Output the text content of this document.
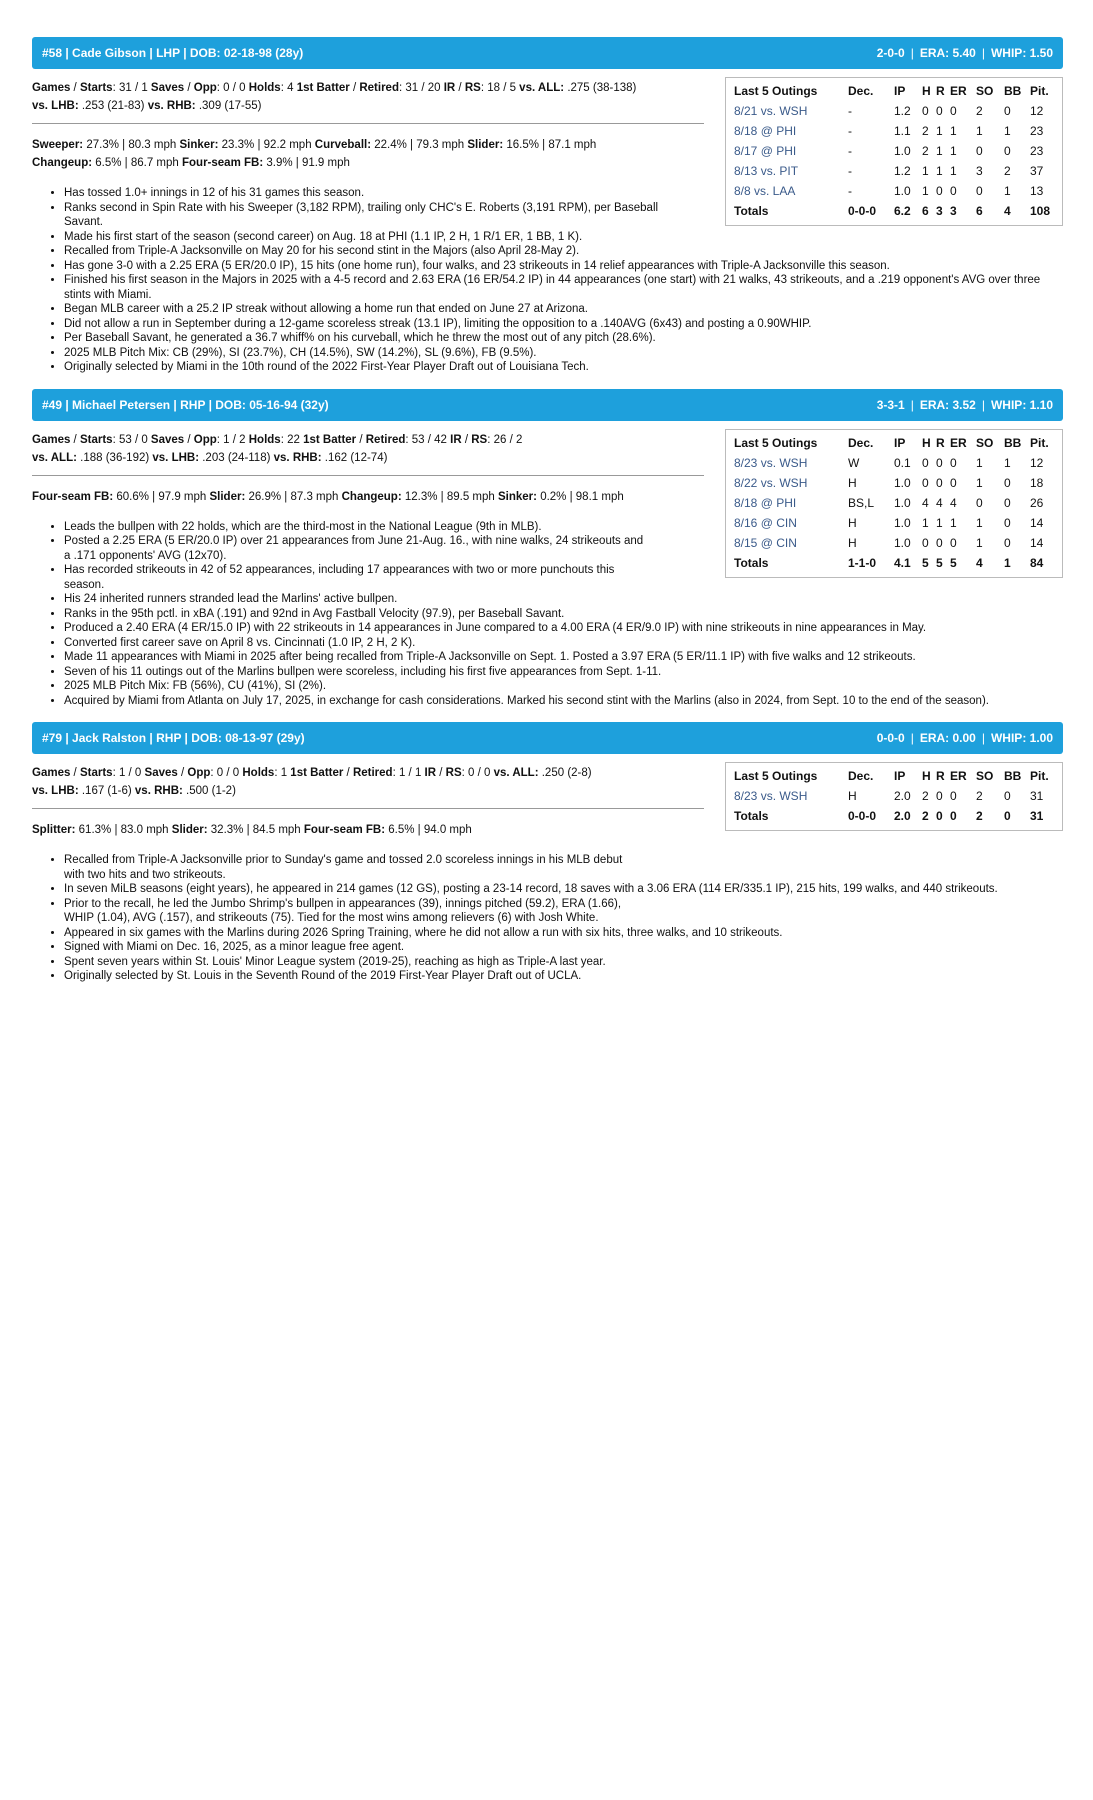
#58 | Cade Gibson | LHP | DOB: 02-18-98 (28y)	2-0-0 | ERA: 5.40 | WHIP: 1.50
Games / Starts: 31 / 1 Saves / Opp: 0 / 0 Holds: 4 1st Batter / Retired: 31 / 20 IR / RS: 18 / 5 vs. ALL: .275 (38-138)
vs. LHB: .253 (21-83) vs. RHB: .309 (17-55)
Sweeper: 27.3% | 80.3 mph Sinker: 23.3% | 92.2 mph Curveball: 22.4% | 79.3 mph Slider: 16.5% | 87.1 mph
Changeup: 6.5% | 86.7 mph Four-seam FB: 3.9% | 91.9 mph
Last 5 Outings	Dec.	IP	H	R	ER	SO	BB	Pit.
8/21 vs. WSH	-	1.2	0	0	0	2	0	12
8/18 @ PHI	-	1.1	2	1	1	1	1	23
8/17 @ PHI	-	1.0	2	1	1	0	0	23
8/13 vs. PIT	-	1.2	1	1	1	3	2	37
8/8 vs. LAA	-	1.0	1	0	0	0	1	13
Totals	0-0-0	6.2	6	3	3	6	4	108
• Has tossed 1.0+ innings in 12 of his 31 games this season.
• Ranks second in Spin Rate with his Sweeper (3,182 RPM), trailing only CHC's E. Roberts (3,191 RPM), per Baseball Savant.
• Made his first start of the season (second career) on Aug. 18 at PHI (1.1 IP, 2 H, 1 R/1 ER, 1 BB, 1 K).
• Recalled from Triple-A Jacksonville on May 20 for his second stint in the Majors (also April 28-May 2).
• Has gone 3-0 with a 2.25 ERA (5 ER/20.0 IP), 15 hits (one home run), four walks, and 23 strikeouts in 14 relief appearances with Triple-A Jacksonville this season.
• Finished his first season in the Majors in 2025 with a 4-5 record and 2.63 ERA (16 ER/54.2 IP) in 44 appearances (one start) with 21 walks, 43 strikeouts, and a .219 opponent's AVG over three stints with Miami.
• Began MLB career with a 25.2 IP streak without allowing a home run that ended on June 27 at Arizona.
• Did not allow a run in September during a 12-game scoreless streak (13.1 IP), limiting the opposition to a .140AVG (6x43) and posting a 0.90WHIP.
• Per Baseball Savant, he generated a 36.7 whiff% on his curveball, which he threw the most out of any pitch (28.6%).
• 2025 MLB Pitch Mix: CB (29%), SI (23.7%), CH (14.5%), SW (14.2%), SL (9.6%), FB (9.5%).
• Originally selected by Miami in the 10th round of the 2022 First-Year Player Draft out of Louisiana Tech.
#49 | Michael Petersen | RHP | DOB: 05-16-94 (32y)	3-3-1 | ERA: 3.52 | WHIP: 1.10
Games / Starts: 53 / 0 Saves / Opp: 1 / 2 Holds: 22 1st Batter / Retired: 53 / 42 IR / RS: 26 / 2
vs. ALL: .188 (36-192) vs. LHB: .203 (24-118) vs. RHB: .162 (12-74)
Four-seam FB: 60.6% | 97.9 mph Slider: 26.9% | 87.3 mph Changeup: 12.3% | 89.5 mph Sinker: 0.2% | 98.1 mph
Last 5 Outings	Dec.	IP	H	R	ER	SO	BB	Pit.
8/23 vs. WSH	W	0.1	0	0	0	1	1	12
8/22 vs. WSH	H	1.0	0	0	0	1	0	18
8/18 @ PHI	BS,L	1.0	4	4	4	0	0	26
8/16 @ CIN	H	1.0	1	1	1	1	0	14
8/15 @ CIN	H	1.0	0	0	0	1	0	14
Totals	1-1-0	4.1	5	5	5	4	1	84
• Leads the bullpen with 22 holds, which are the third-most in the National League (9th in MLB).
• Posted a 2.25 ERA (5 ER/20.0 IP) over 21 appearances from June 21-Aug. 16., with nine walks, 24 strikeouts and a .171 opponents' AVG (12x70).
• Has recorded strikeouts in 42 of 52 appearances, including 17 appearances with two or more punchouts this season.
• His 24 inherited runners stranded lead the Marlins' active bullpen.
• Ranks in the 95th pctl. in xBA (.191) and 92nd in Avg Fastball Velocity (97.9), per Baseball Savant.
• Produced a 2.40 ERA (4 ER/15.0 IP) with 22 strikeouts in 14 appearances in June compared to a 4.00 ERA (4 ER/9.0 IP) with nine strikeouts in nine appearances in May.
• Converted first career save on April 8 vs. Cincinnati (1.0 IP, 2 H, 2 K).
• Made 11 appearances with Miami in 2025 after being recalled from Triple-A Jacksonville on Sept. 1. Posted a 3.97 ERA (5 ER/11.1 IP) with five walks and 12 strikeouts.
• Seven of his 11 outings out of the Marlins bullpen were scoreless, including his first five appearances from Sept. 1-11.
• 2025 MLB Pitch Mix: FB (56%), CU (41%), SI (2%).
• Acquired by Miami from Atlanta on July 17, 2025, in exchange for cash considerations. Marked his second stint with the Marlins (also in 2024, from Sept. 10 to the end of the season).
#79 | Jack Ralston | RHP | DOB: 08-13-97 (29y)	0-0-0 | ERA: 0.00 | WHIP: 1.00
Games / Starts: 1 / 0 Saves / Opp: 0 / 0 Holds: 1 1st Batter / Retired: 1 / 1 IR / RS: 0 / 0 vs. ALL: .250 (2-8)
vs. LHB: .167 (1-6) vs. RHB: .500 (1-2)
Splitter: 61.3% | 83.0 mph Slider: 32.3% | 84.5 mph Four-seam FB: 6.5% | 94.0 mph
Last 5 Outings	Dec.	IP	H	R	ER	SO	BB	Pit.
8/23 vs. WSH	H	2.0	2	0	0	2	0	31
Totals	0-0-0	2.0	2	0	0	2	0	31
• Recalled from Triple-A Jacksonville prior to Sunday's game and tossed 2.0 scoreless innings in his MLB debut with two hits and two strikeouts.
• In seven MiLB seasons (eight years), he appeared in 214 games (12 GS), posting a 23-14 record, 18 saves with a 3.06 ERA (114 ER/335.1 IP), 215 hits, 199 walks, and 440 strikeouts.
• Prior to the recall, he led the Jumbo Shrimp's bullpen in appearances (39), innings pitched (59.2), ERA (1.66), WHIP (1.04), AVG (.157), and strikeouts (75). Tied for the most wins among relievers (6) with Josh White.
• Appeared in six games with the Marlins during 2026 Spring Training, where he did not allow a run with six hits, three walks, and 10 strikeouts.
• Signed with Miami on Dec. 16, 2025, as a minor league free agent.
• Spent seven years within St. Louis' Minor League system (2019-25), reaching as high as Triple-A last year.
• Originally selected by St. Louis in the Seventh Round of the 2019 First-Year Player Draft out of UCLA.
